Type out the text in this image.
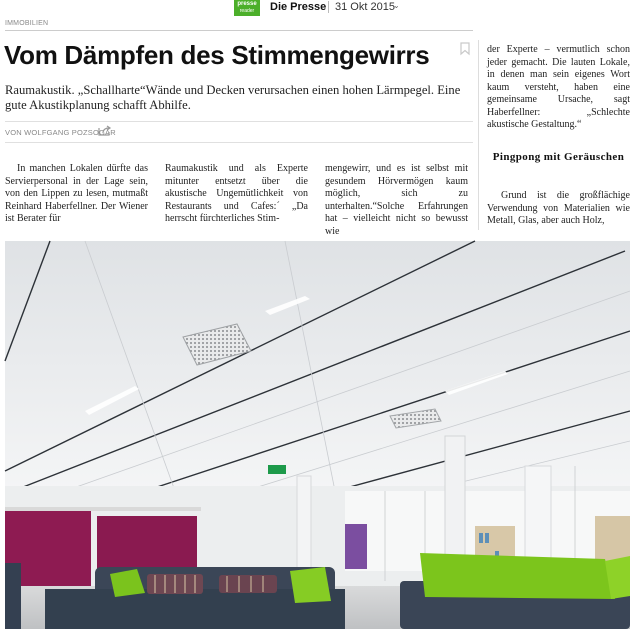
presse
reader	Die Presse 31 Okt 2015
⌄
IMMOBILIEN
Vom Dämpfen des Stimmengewirrs

Raumakustik. „Schallharte“Wände und Decken verursachen einen hohen Lärmpegel. Eine gute Akustikplanung schafft Abhilfe.

VON WOLFGANG POZSOGAR
In manchen Lokalen dürfte das Servierpersonal in der Lage sein, von den Lippen zu lesen, mutmaßt Reinhard Haberfellner. Der Wiener ist Berater für
Raumakustik und als Experte mitunter entsetzt über die akustische Ungemütlichkeit von Restaurants und Cafes:´ „Da herrscht fürchterliches Stim-
mengewirr, und es ist selbst mit gesundem Hörvermögen kaum möglich, sich zu unterhalten.“Solche Erfahrungen hat – vielleicht nicht so bewusst wie
der Experte – vermutlich schon jeder gemacht. Die lauten Lokale, in denen man sein eigenes Wort kaum versteht, haben eine gemeinsame Ursache, sagt Haberfellner: „Schlechte akustische Gestaltung.“
Pingpong mit Geräuschen
Grund ist die großflächige Verwendung von Materialien wie Metall, Glas, aber auch Holz,
